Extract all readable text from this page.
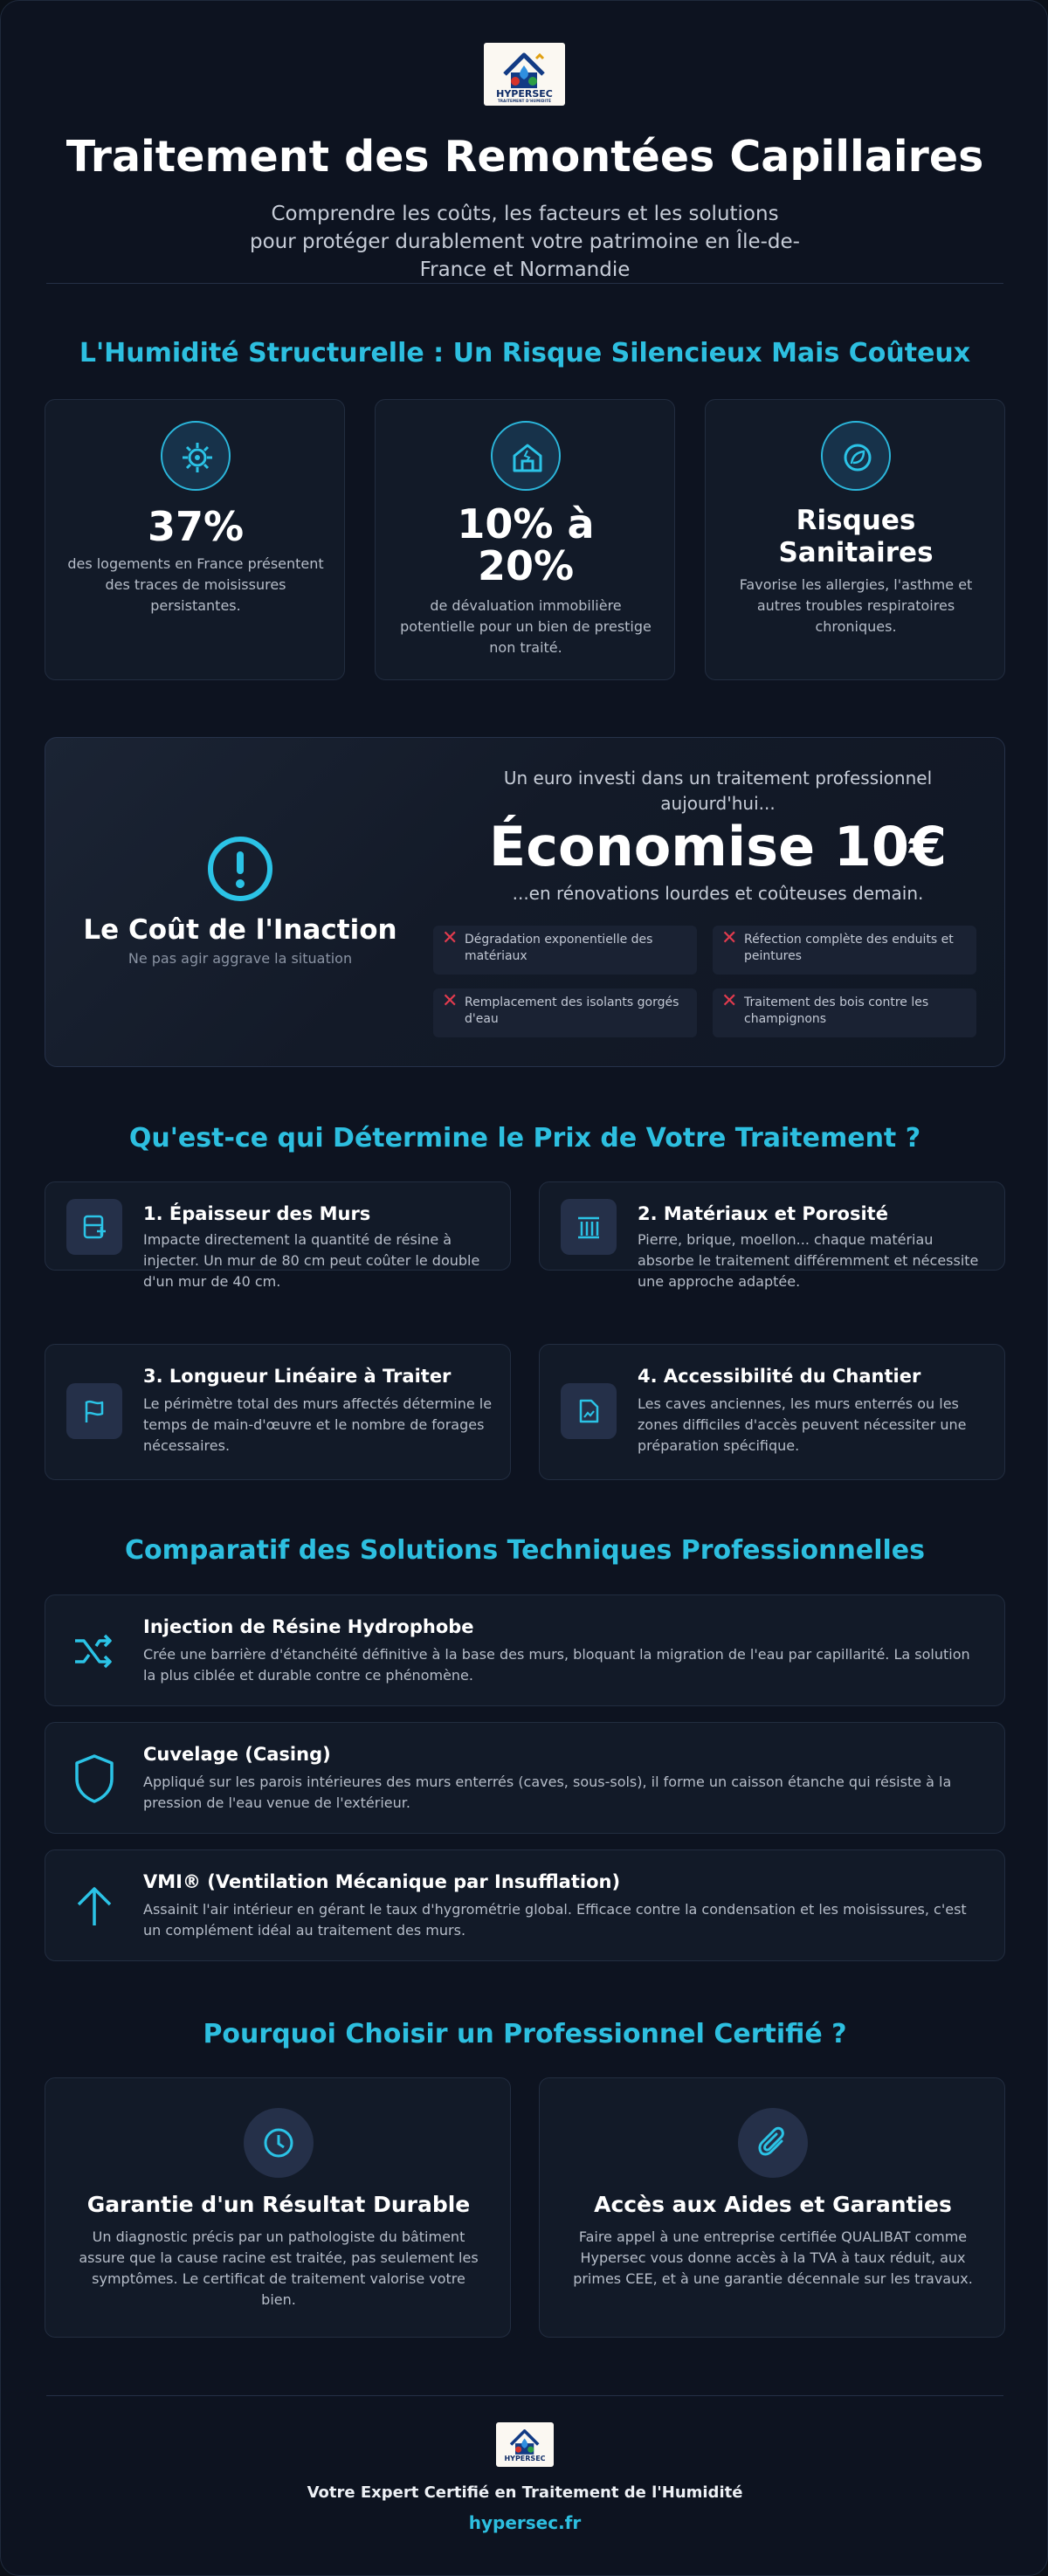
HYPERSEC
TRAITEMENT D'HUMIDITÉ
Traitement des Remontées Capillaires
Comprendre les coûts, les facteurs et les solutions pour protéger durablement votre patrimoine en Île-de-France et Normandie
L'Humidité Structurelle : Un Risque Silencieux Mais Coûteux
37%
des logements en France présentent des traces de moisissures persistantes.
10% à 20%
de dévaluation immobilière potentielle pour un bien de prestige non traité.
Risques Sanitaires
Favorise les allergies, l'asthme et autres troubles respiratoires chroniques.
Le Coût de l'Inaction
Ne pas agir aggrave la situation
Un euro investi dans un traitement professionnel aujourd'hui...
Économise 10€
...en rénovations lourdes et coûteuses demain.
✕ Dégradation exponentielle des matériaux
✕ Réfection complète des enduits et peintures
✕ Remplacement des isolants gorgés d'eau
✕ Traitement des bois contre les champignons
Qu'est-ce qui Détermine le Prix de Votre Traitement ?
1. Épaisseur des Murs
Impacte directement la quantité de résine à injecter. Un mur de 80 cm peut coûter le double d'un mur de 40 cm.
2. Matériaux et Porosité
Pierre, brique, moellon... chaque matériau absorbe le traitement différemment et nécessite une approche adaptée.
3. Longueur Linéaire à Traiter
Le périmètre total des murs affectés détermine le temps de main-d'œuvre et le nombre de forages nécessaires.
4. Accessibilité du Chantier
Les caves anciennes, les murs enterrés ou les zones difficiles d'accès peuvent nécessiter une préparation spécifique.
Comparatif des Solutions Techniques Professionnelles
Injection de Résine Hydrophobe
Crée une barrière d'étanchéité définitive à la base des murs, bloquant la migration de l'eau par capillarité. La solution la plus ciblée et durable contre ce phénomène.
Cuvelage (Casing)
Appliqué sur les parois intérieures des murs enterrés (caves, sous-sols), il forme un caisson étanche qui résiste à la pression de l'eau venue de l'extérieur.
VMI® (Ventilation Mécanique par Insufflation)
Assainit l'air intérieur en gérant le taux d'hygrométrie global. Efficace contre la condensation et les moisissures, c'est un complément idéal au traitement des murs.
Pourquoi Choisir un Professionnel Certifié ?
Garantie d'un Résultat Durable
Un diagnostic précis par un pathologiste du bâtiment assure que la cause racine est traitée, pas seulement les symptômes. Le certificat de traitement valorise votre bien.
Accès aux Aides et Garanties
Faire appel à une entreprise certifiée QUALIBAT comme Hypersec vous donne accès à la TVA à taux réduit, aux primes CEE, et à une garantie décennale sur les travaux.
HYPERSEC
Votre Expert Certifié en Traitement de l'Humidité
hypersec.fr
